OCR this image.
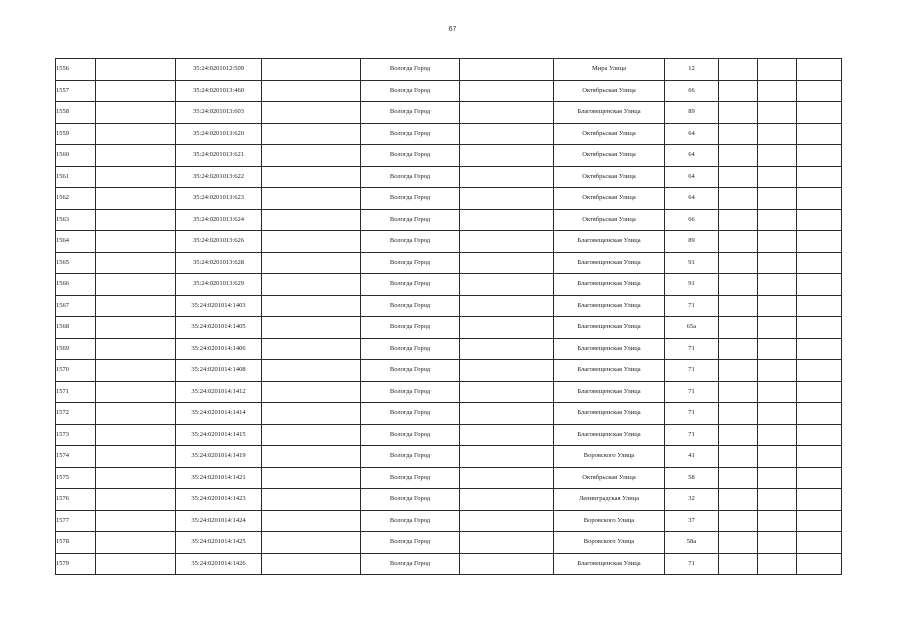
67
1556		35:24:0201012:509		Вологда Город		Мира Улица	12			
1557		35:24:0201013:460		Вологда Город		Октябрьская Улица	66			
1558		35:24:0201013:603		Вологда Город		Благовещенская Улица	89			
1559		35:24:0201013:620		Вологда Город		Октябрьская Улица	64			
1560		35:24:0201013:621		Вологда Город		Октябрьская Улица	64			
1561		35:24:0201013:622		Вологда Город		Октябрьская Улица	64			
1562		35:24:0201013:623		Вологда Город		Октябрьская Улица	64			
1563		35:24:0201013:624		Вологда Город		Октябрьская Улица	66			
1564		35:24:0201013:626		Вологда Город		Благовещенская Улица	89			
1565		35:24:0201013:628		Вологда Город		Благовещенская Улица	91			
1566		35:24:0201013:629		Вологда Город		Благовещенская Улица	91			
1567		35:24:0201014:1403		Вологда Город		Благовещенская Улица	71			
1568		35:24:0201014:1405		Вологда Город		Благовещенская Улица	65а			
1569		35:24:0201014:1406		Вологда Город		Благовещенская Улица	71			
1570		35:24:0201014:1408		Вологда Город		Благовещенская Улица	71			
1571		35:24:0201014:1412		Вологда Город		Благовещенская Улица	71			
1572		35:24:0201014:1414		Вологда Город		Благовещенская Улица	71			
1573		35:24:0201014:1415		Вологда Город		Благовещенская Улица	71			
1574		35:24:0201014:1419		Вологда Город		Воровского Улица	41			
1575		35:24:0201014:1421		Вологда Город		Октябрьская Улица	58			
1576		35:24:0201014:1423		Вологда Город		Ленинградская Улица	32			
1577		35:24:0201014:1424		Вологда Город		Воровского Улица	37			
1578		35:24:0201014:1425		Вологда Город		Воровского Улица	58а			
1579		35:24:0201014:1426		Вологда Город		Благовещенская Улица	71			
